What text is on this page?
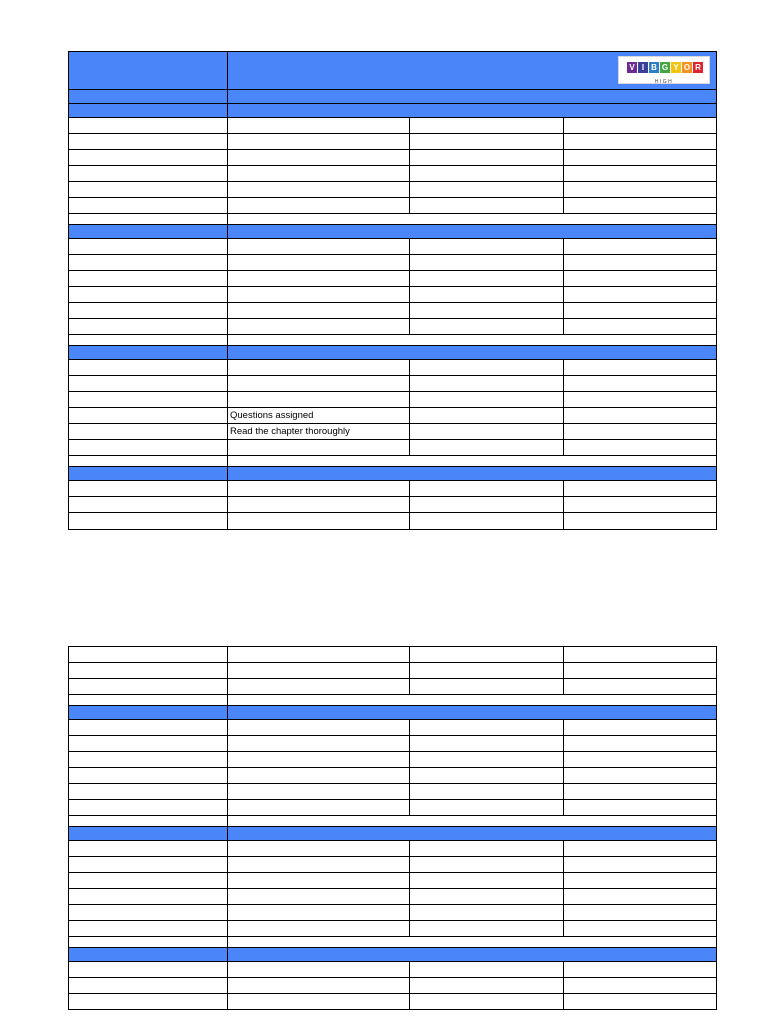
V I B G Y O R
HIGH
Questions assigned
Read the chapter thoroughly
